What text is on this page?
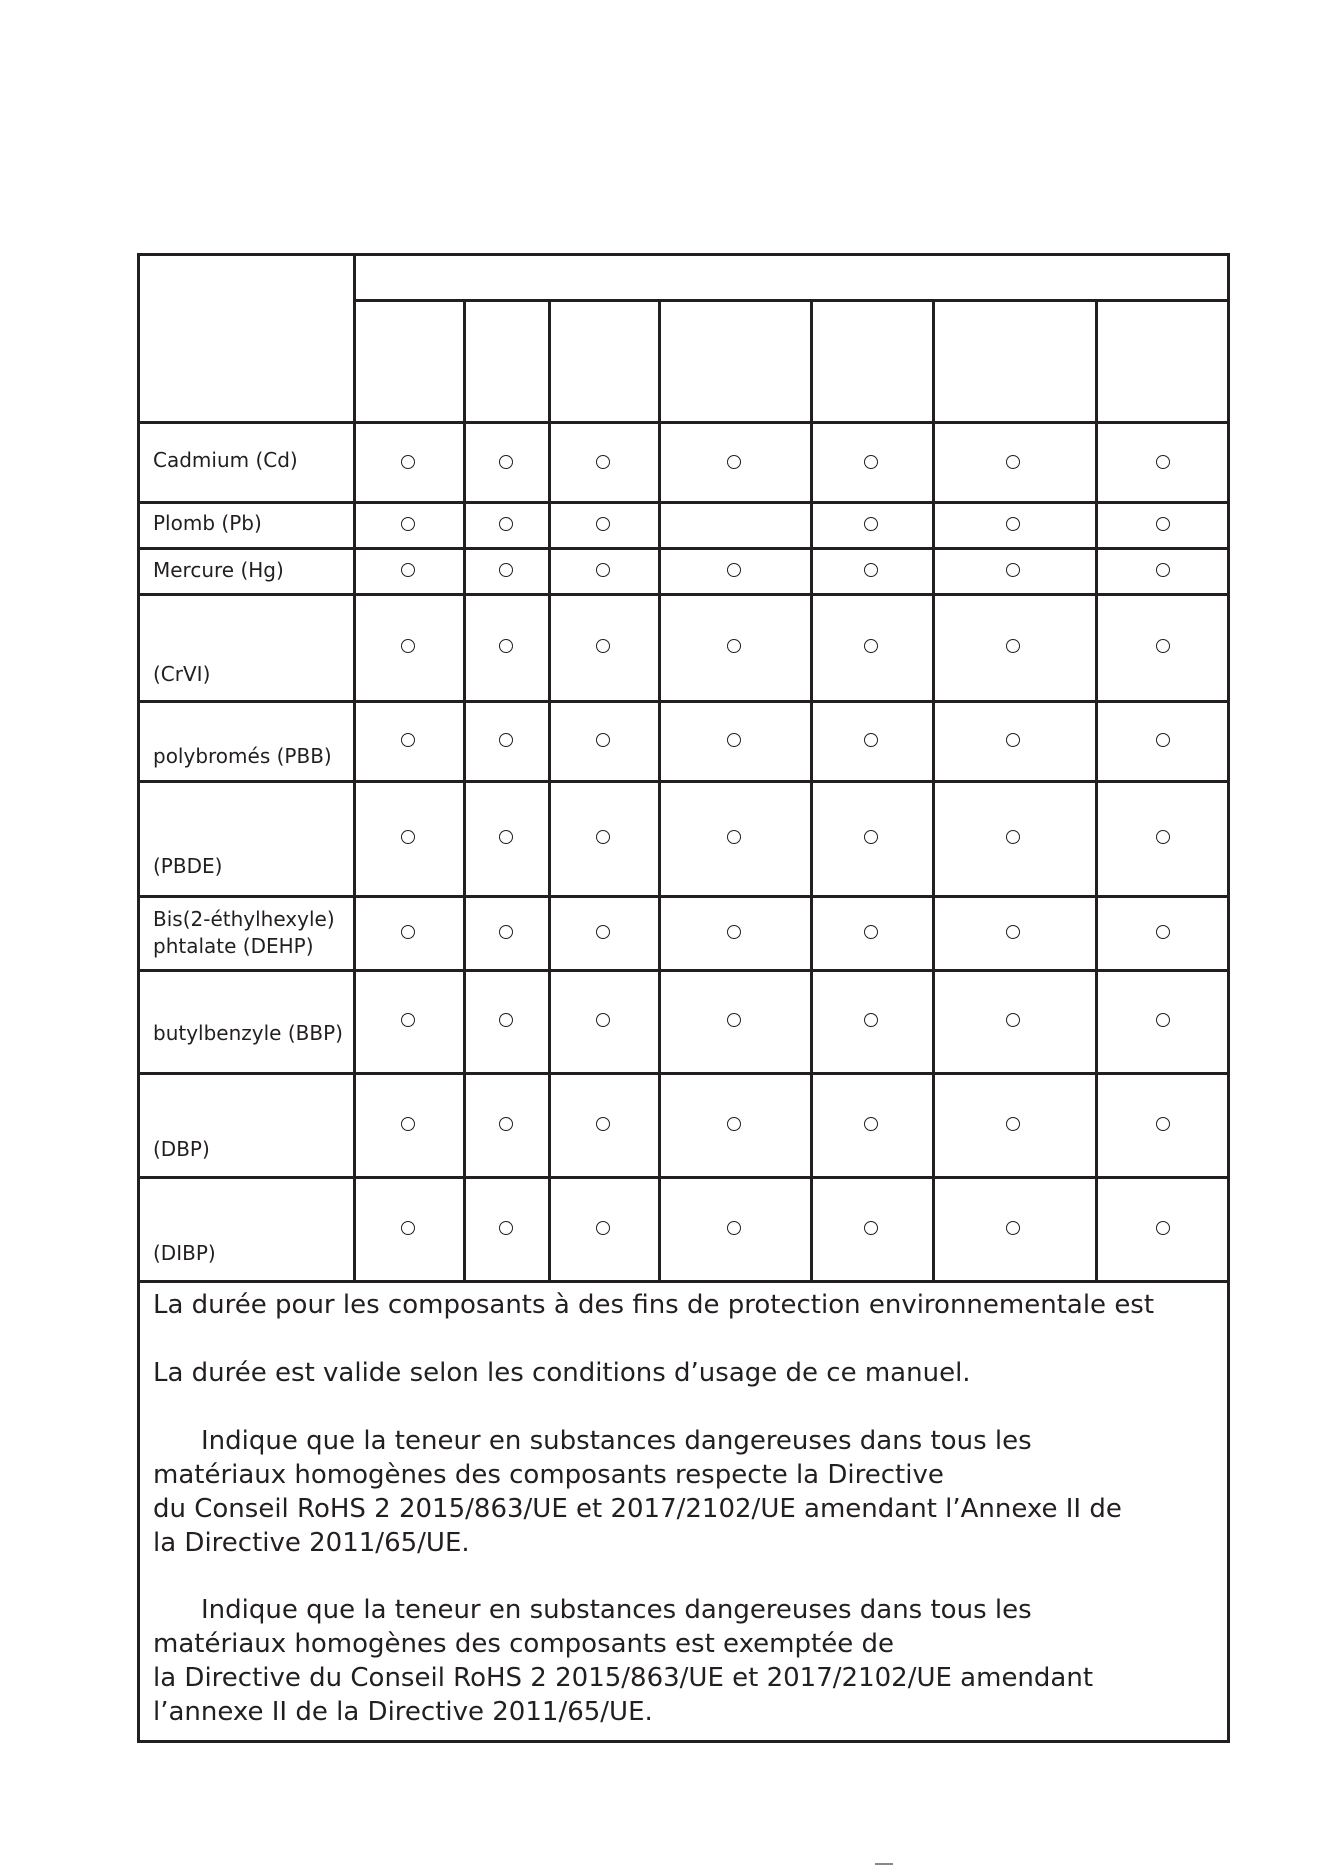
Cadmium (Cd)

Plomb (Pb)

Mercure (Hg)

(CrVI)

polybromés (PBB)

(PBDE)

Bis(2-éthylhexyle)
phtalate (DEHP)

butylbenzyle (BBP)

(DBP)

(DIBP)

La durée pour les composants à des fins de protection environnementale est

La durée est valide selon les conditions d’usage de ce manuel.

Indique que la teneur en substances dangereuses dans tous les
matériaux homogènes des composants respecte la Directive
du Conseil RoHS 2 2015/863/UE et 2017/2102/UE amendant l’Annexe II de
la Directive 2011/65/UE.

Indique que la teneur en substances dangereuses dans tous les
matériaux homogènes des composants est exemptée de
la Directive du Conseil RoHS 2 2015/863/UE et 2017/2102/UE amendant
l’annexe II de la Directive 2011/65/UE.
